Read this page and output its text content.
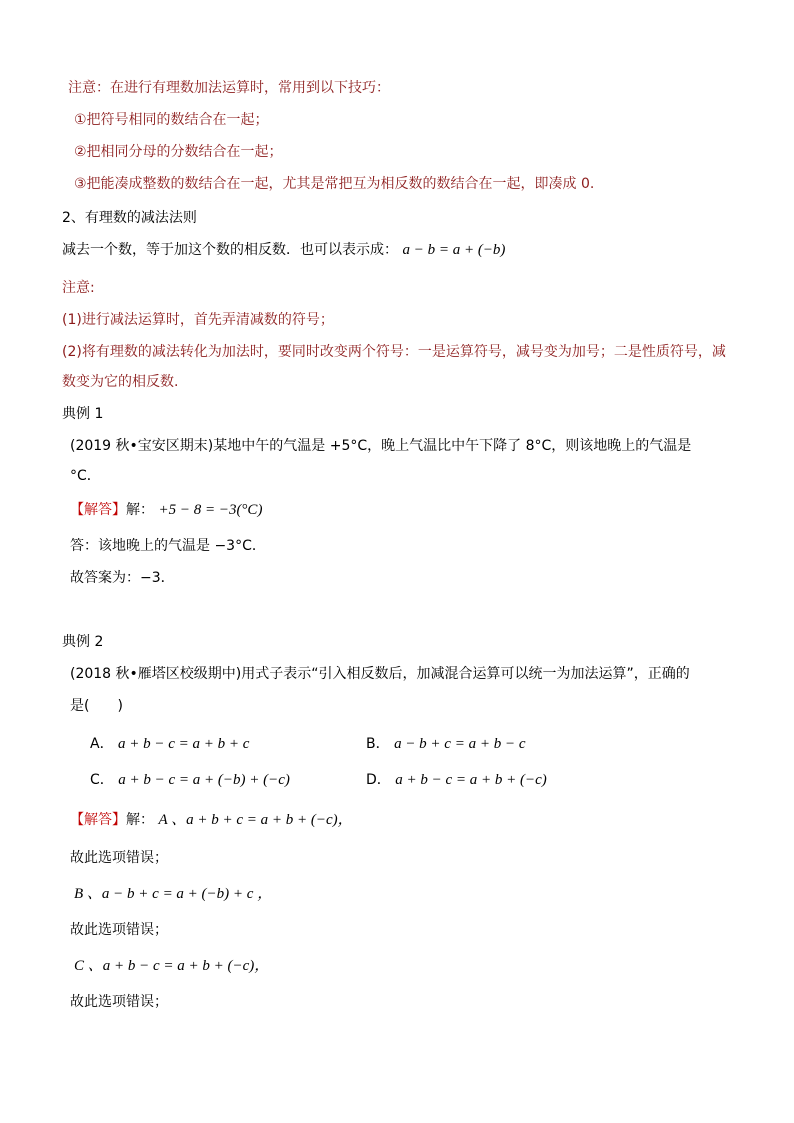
注意：在进行有理数加法运算时，常用到以下技巧：
①把符号相同的数结合在一起；
②把相同分母的分数结合在一起；
③把能凑成整数的数结合在一起，尤其是常把互为相反数的数结合在一起，即凑成 0.
2、有理数的减法法则
减去一个数，等于加这个数的相反数．也可以表示成： a − b = a + (−b)
注意:
(1)进行减法运算时，首先弄清减数的符号；
(2)将有理数的减法转化为加法时，要同时改变两个符号：一是运算符号，减号变为加号；二是性质符号，减
数变为它的相反数.
典例 1
(2019 秋•宝安区期末)某地中午的气温是 +5°C，晚上气温比中午下降了 8°C，则该地晚上的气温是
°C．
【解答】解： +5 − 8 = −3(°C)
答：该地晚上的气温是 −3°C．
故答案为：−3．
典例 2
(2018 秋•雁塔区校级期中)用式子表示“引入相反数后，加减混合运算可以统一为加法运算”，正确的
是(　　)
A． a + b − c = a + b + c	B． a − b + c = a + b − c
C． a + b − c = a + (−b) + (−c)	D． a + b − c = a + b + (−c)
【解答】解： A 、a + b + c = a + b + (−c)，
故此选项错误；
B 、a − b + c = a + (−b) + c ，
故此选项错误；
C 、a + b − c = a + b + (−c)，
故此选项错误；
